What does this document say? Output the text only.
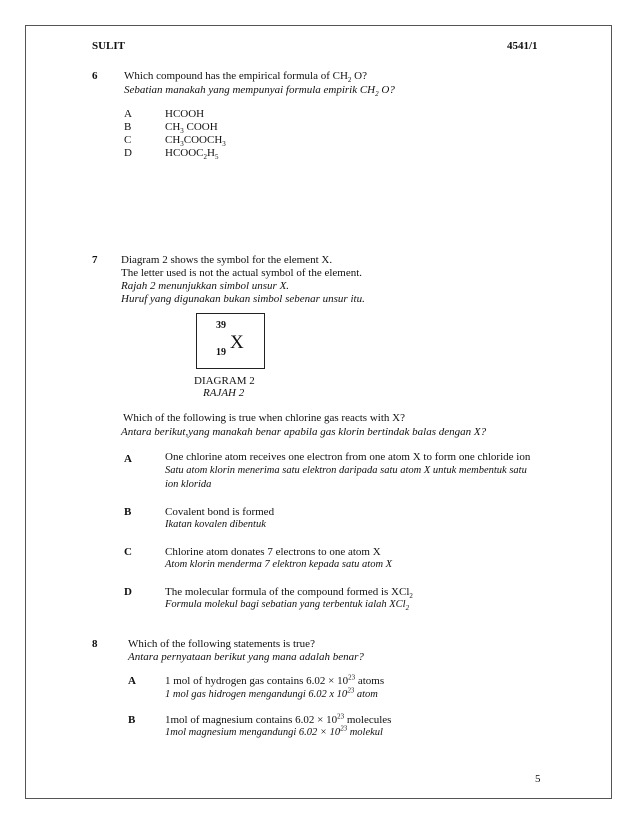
SULIT	4541/1
6 Which compound has the empirical formula of $CH_2$ O?
Sebatian manakah yang mempunyai formula empirik $CH_2$ O?
A	HCOOH
B	$CH_3$ COOH
C	$CH_3COOCH_3$
D	$HCOOC_2H_5$
7 Diagram 2 shows the symbol for the element X.
The letter used is not the actual symbol of the element.
Rajah 2 menunjukkan simbol unsur X.
Huruf yang digunakan bukan simbol sebenar unsur itu.
39
19 X
DIAGRAM 2
RAJAH 2
Which of the following is true when chlorine gas reacts with X?
Antara berikut,yang manakah benar apabila gas klorin bertindak balas dengan X?
A	One chlorine atom receives one electron from one atom X to form one chloride ion
Satu atom klorin menerima satu elektron daripada satu atom X untuk membentuk satu
ion klorida
B	Covalent bond is formed
Ikatan kovalen dibentuk
C	Chlorine atom donates 7 electrons to one atom X
Atom klorin menderma 7 elektron kepada satu atom X
D	The molecular formula of the compound formed is XCl$_2$
Formula molekul bagi sebatian yang terbentuk ialah XCl$_2$
8	Which of the following statements is true?
Antara pernyataan berikut yang mana adalah benar?
A	1 mol of hydrogen gas contains $6.02 \times 10^{23}$ atoms
1 mol gas hidrogen mengandungi 6.02 x $10^{23}$ atom
B	1mol of magnesium contains $6.02 \times 10^{23}$ molecules
1mol magnesium mengandungi $6.02 \times 10^{23}$ molekul
5
